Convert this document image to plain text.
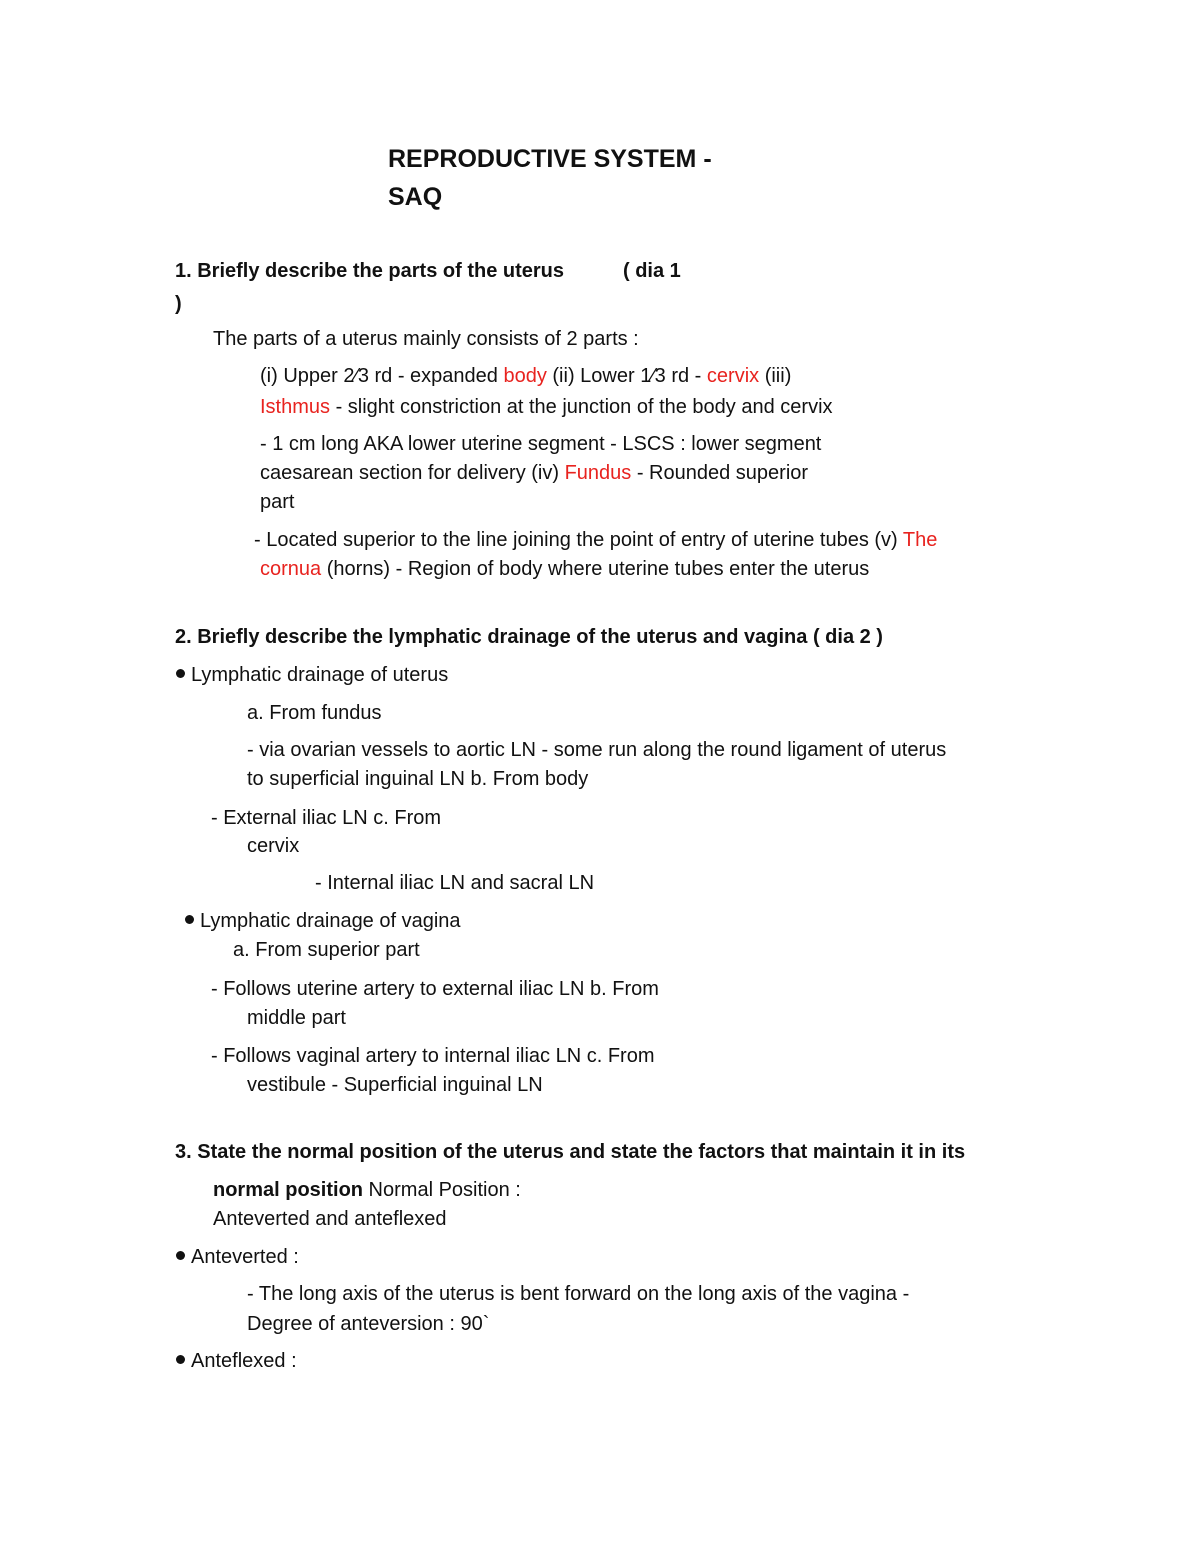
REPRODUCTIVE SYSTEM -
SAQ
1. Briefly describe the parts of the uterus	( dia 1
)
The parts of a uterus mainly consists of 2 parts :
(i) Upper 2⁄3 rd - expanded body (ii) Lower 1⁄3 rd - cervix (iii)
Isthmus - slight constriction at the junction of the body and cervix
- 1 cm long AKA lower uterine segment - LSCS : lower segment
caesarean section for delivery (iv) Fundus - Rounded superior
part
- Located superior to the line joining the point of entry of uterine tubes (v) The
cornua (horns) - Region of body where uterine tubes enter the uterus
2. Briefly describe the lymphatic drainage of the uterus and vagina ( dia 2 )
Lymphatic drainage of uterus
a. From fundus
- via ovarian vessels to aortic LN - some run along the round ligament of uterus
to superficial inguinal LN b. From body
- External iliac LN c. From
cervix
- Internal iliac LN and sacral LN
Lymphatic drainage of vagina
a. From superior part
- Follows uterine artery to external iliac LN b. From
middle part
- Follows vaginal artery to internal iliac LN c. From
vestibule - Superficial inguinal LN
3. State the normal position of the uterus and state the factors that maintain it in its
normal position Normal Position :
Anteverted and anteflexed
Anteverted :
- The long axis of the uterus is bent forward on the long axis of the vagina -
Degree of anteversion : 90`
Anteflexed :
